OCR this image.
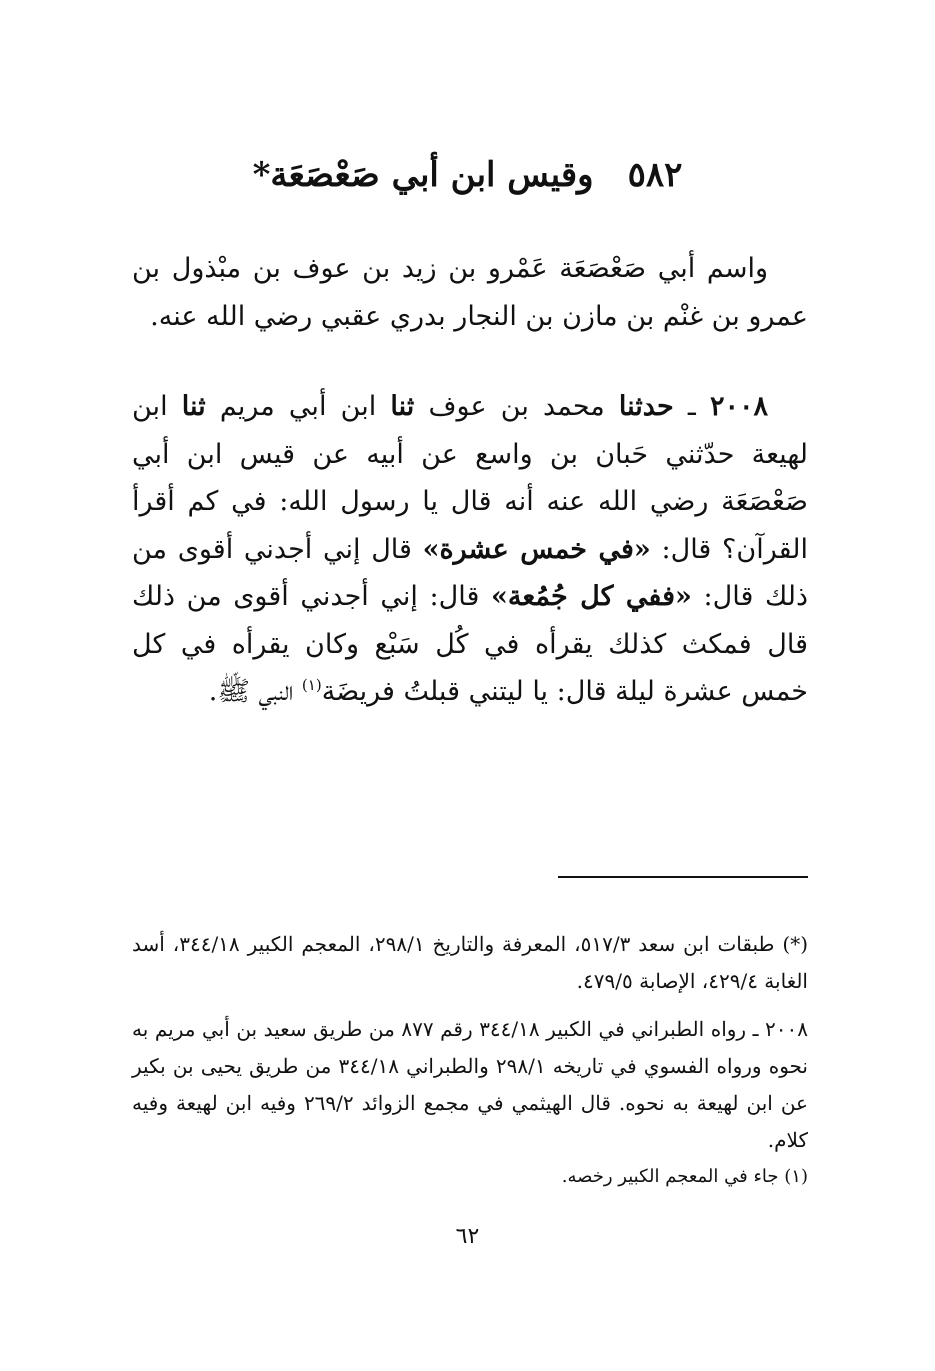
٥٨٢وقيس ابن أبي صَعْصَعَة*
واسم أبي صَعْصَعَة عَمْرو بن زيد بن عوف بن مبْذول بن عمرو بن غنْم بن مازن بن النجار بدري عقبي رضي الله عنه.
٢٠٠٨ ـ حدثنا محمد بن عوف ثنا ابن أبي مريم ثنا ابن لهيعة حدّثني حَبان بن واسع عن أبيه عن قيس ابن أبي صَعْصَعَة رضي الله عنه أنه قال يا رسول الله: في كم أقرأ القرآن؟ قال: «في خمس عشرة» قال إني أجدني أقوى من ذلك قال: «ففي كل جُمُعة» قال: إني أجدني أقوى من ذلك قال فمكث كذلك يقرأه في كُل سَبْع وكان يقرأه في كل خمس عشرة ليلة قال: يا ليتني قبلتُ فريضَة$^{(١)}$ النبي ﷺ.
(*) طبقات ابن سعد ٥١٧/٣، المعرفة والتاريخ ٢٩٨/١، المعجم الكبير ٣٤٤/١٨، أسد الغابة ٤٢٩/٤، الإصابة ٤٧٩/٥.
٢٠٠٨ ـ رواه الطبراني في الكبير ٣٤٤/١٨ رقم ٨٧٧ من طريق سعيد بن أبي مريم به نحوه ورواه الفسوي في تاريخه ٢٩٨/١ والطبراني ٣٤٤/١٨ من طريق يحيى بن بكير عن ابن لهيعة به نحوه. قال الهيثمي في مجمع الزوائد ٢٦٩/٢ وفيه ابن لهيعة وفيه كلام.
(١) جاء في المعجم الكبير رخصه.
٦٢
